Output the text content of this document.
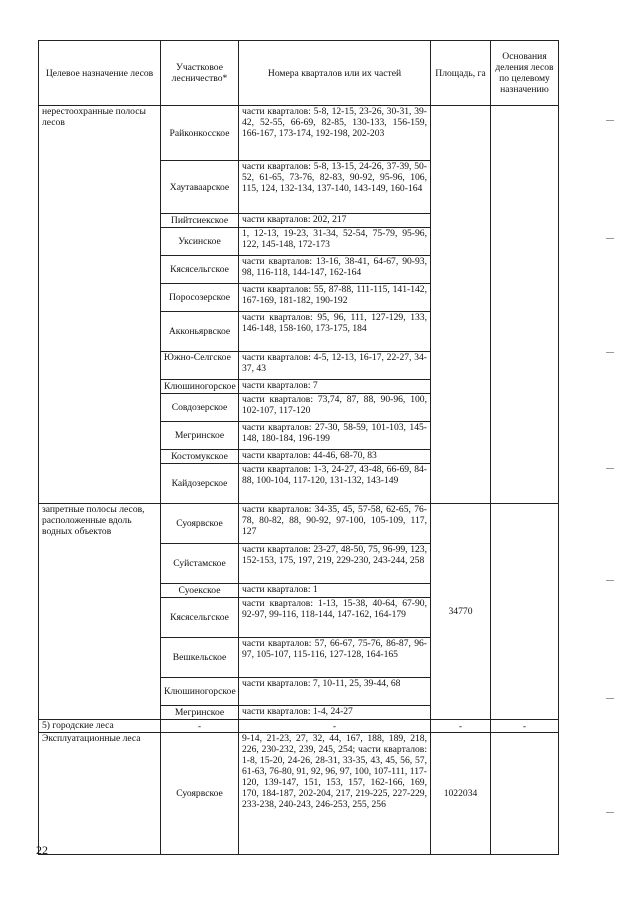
Целевое назначение лесов	Участковое лесничество*	Номера кварталов или их частей	Площадь, га	Основания деления лесов по целевому назначению
нерестоохранные полосы лесов	Райконкосское	части кварталов: 5-8, 12-15, 23-26, 30-31, 39-42, 52-55, 66-69, 82-85, 130-133, 156-159, 166-167, 173-174, 192-198, 202-203		
	Хаутаваарское	части кварталов: 5-8, 13-15, 24-26, 37-39, 50-52, 61-65, 73-76, 82-83, 90-92, 95-96, 106, 115, 124, 132-134, 137-140, 143-149, 160-164		
	Пийтсиекское	части кварталов: 202, 217		
	Уксинское	1, 12-13, 19-23, 31-34, 52-54, 75-79, 95-96, 122, 145-148, 172-173		
	Кясясельгское	части кварталов: 13-16, 38-41, 64-67, 90-93, 98, 116-118, 144-147, 162-164		
	Поросозерское	части кварталов: 55, 87-88, 111-115, 141-142, 167-169, 181-182, 190-192		
	Акконьярвское	части кварталов: 95, 96, 111, 127-129, 133, 146-148, 158-160, 173-175, 184		
	Южно-Селгское	части кварталов: 4-5, 12-13, 16-17, 22-27, 34-37, 43		
	Клюшиногорское	части кварталов: 7		
	Совдозерское	части кварталов: 73,74, 87, 88, 90-96, 100, 102-107, 117-120		
	Мегринское	части кварталов: 27-30, 58-59, 101-103, 145-148, 180-184, 196-199		
	Костомукское	части кварталов: 44-46, 68-70, 83		
	Кайдозерское	части кварталов: 1-3, 24-27, 43-48, 66-69, 84-88, 100-104, 117-120, 131-132, 143-149		
запретные полосы лесов, расположенные вдоль водных объектов	Суоярвское	части кварталов: 34-35, 45, 57-58, 62-65, 76-78, 80-82, 88, 90-92, 97-100, 105-109, 117, 127	34770	
	Суйстамское	части кварталов: 23-27, 48-50, 75, 96-99, 123, 152-153, 175, 197, 219, 229-230, 243-244, 258		
	Суоекское	части кварталов: 1		
	Кясясельгское	части кварталов: 1-13, 15-38, 40-64, 67-90, 92-97, 99-116, 118-144, 147-162, 164-179		
	Вешкельское	части кварталов: 57, 66-67, 75-76, 86-87, 96-97, 105-107, 115-116, 127-128, 164-165		
	Клюшиногорское	части кварталов: 7, 10-11, 25, 39-44, 68		
	Мегринское	части кварталов: 1-4, 24-27		
5) городские леса	-	-	-	-
Эксплуатационные леса	Суоярвское	9-14, 21-23, 27, 32, 44, 167, 188, 189, 218, 226, 230-232, 239, 245, 254; части кварталов: 1-8, 15-20, 24-26, 28-31, 33-35, 43, 45, 56, 57, 61-63, 76-80, 91, 92, 96, 97, 100, 107-111, 117-120, 139-147, 151, 153, 157, 162-166, 169, 170, 184-187, 202-204, 217, 219-225, 227-229, 233-238, 240-243, 246-253, 255, 256	1022034	
22
